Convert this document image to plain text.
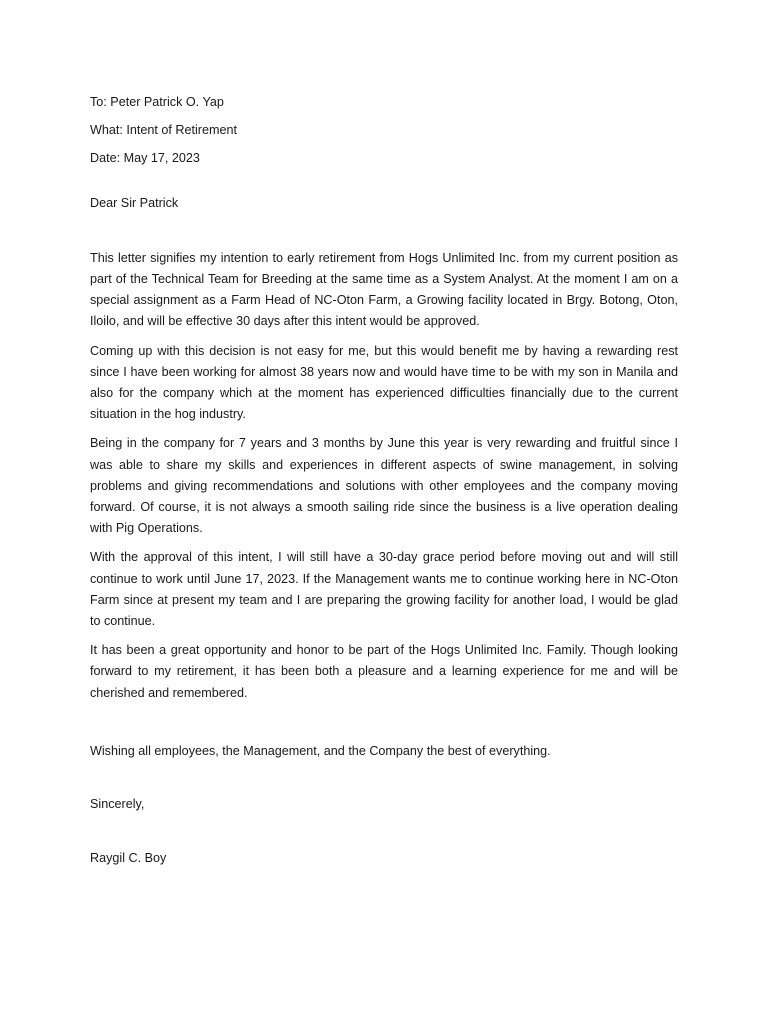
To: Peter Patrick O. Yap

What: Intent of Retirement

Date: May 17, 2023

Dear Sir Patrick

This letter signifies my intention to early retirement from Hogs Unlimited Inc. from my current position as part of the Technical Team for Breeding at the same time as a System Analyst. At the moment I am on a special assignment as a Farm Head of NC-Oton Farm, a Growing facility located in Brgy. Botong, Oton, Iloilo, and will be effective 30 days after this intent would be approved.

Coming up with this decision is not easy for me, but this would benefit me by having a rewarding rest since I have been working for almost 38 years now and would have time to be with my son in Manila and also for the company which at the moment has experienced difficulties financially due to the current situation in the hog industry.

Being in the company for 7 years and 3 months by June this year is very rewarding and fruitful since I was able to share my skills and experiences in different aspects of swine management, in solving problems and giving recommendations and solutions with other employees and the company moving forward. Of course, it is not always a smooth sailing ride since the business is a live operation dealing with Pig Operations.

With the approval of this intent, I will still have a 30-day grace period before moving out and will still continue to work until June 17, 2023. If the Management wants me to continue working here in NC-Oton Farm since at present my team and I are preparing the growing facility for another load, I would be glad to continue.

It has been a great opportunity and honor to be part of the Hogs Unlimited Inc. Family. Though looking forward to my retirement, it has been both a pleasure and a learning experience for me and will be cherished and remembered.

Wishing all employees, the Management, and the Company the best of everything.

Sincerely,

Raygil C. Boy
